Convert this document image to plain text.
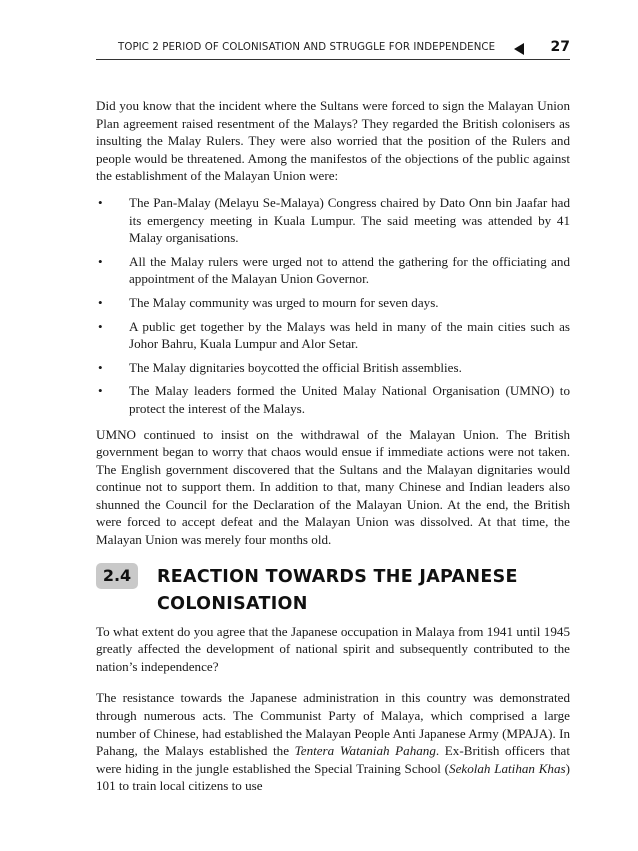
TOPIC 2 PERIOD OF COLONISATION AND STRUGGLE FOR INDEPENDENCE	27

Did you know that the incident where the Sultans were forced to sign the Malayan Union Plan agreement raised resentment of the Malays? They regarded the British colonisers as insulting the Malay Rulers. They were also worried that the position of the Rulers and people would be threatened. Among the manifestos of the objections of the public against the establishment of the Malayan Union were:

• The Pan-Malay (Melayu Se-Malaya) Congress chaired by Dato Onn bin Jaafar had its emergency meeting in Kuala Lumpur. The said meeting was attended by 41 Malay organisations.
• All the Malay rulers were urged not to attend the gathering for the officiating and appointment of the Malayan Union Governor.
• The Malay community was urged to mourn for seven days.
• A public get together by the Malays was held in many of the main cities such as Johor Bahru, Kuala Lumpur and Alor Setar.
• The Malay dignitaries boycotted the official British assemblies.
• The Malay leaders formed the United Malay National Organisation (UMNO) to protect the interest of the Malays.

UMNO continued to insist on the withdrawal of the Malayan Union. The British government began to worry that chaos would ensue if immediate actions were not taken. The English government discovered that the Sultans and the Malayan dignitaries would continue not to support them. In addition to that, many Chinese and Indian leaders also shunned the Council for the Declaration of the Malayan Union. At the end, the British were forced to accept defeat and the Malayan Union was dissolved. At that time, the Malayan Union was merely four months old.

2.4	REACTION TOWARDS THE JAPANESE COLONISATION

To what extent do you agree that the Japanese occupation in Malaya from 1941 until 1945 greatly affected the development of national spirit and subsequently contributed to the nation’s independence?

The resistance towards the Japanese administration in this country was demonstrated through numerous acts. The Communist Party of Malaya, which comprised a large number of Chinese, had established the Malayan People Anti Japanese Army (MPAJA). In Pahang, the Malays established the Tentera Wataniah Pahang. Ex-British officers that were hiding in the jungle established the Special Training School (Sekolah Latihan Khas) 101 to train local citizens to use
